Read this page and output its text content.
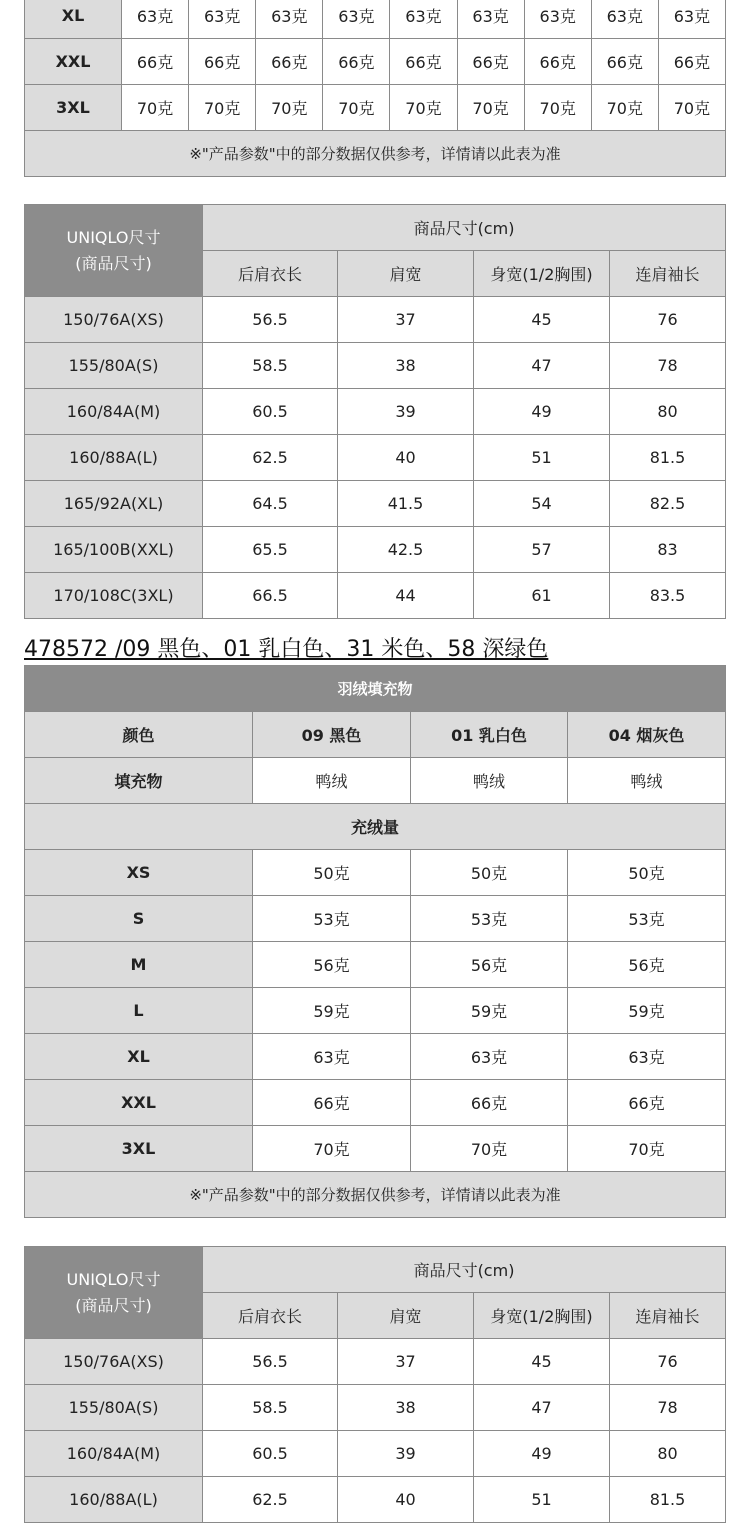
XL	63克	63克	63克	63克	63克	63克	63克	63克	63克
XXL	66克	66克	66克	66克	66克	66克	66克	66克	66克
3XL	70克	70克	70克	70克	70克	70克	70克	70克	70克
※"产品参数"中的部分数据仅供参考，详情请以此表为准									
UNIQLO尺寸
(商品尺寸)	商品尺寸(cm)			
	后肩衣长	肩宽	身宽(1/2胸围)	连肩袖长
150/76A(XS)	56.5	37	45	76
155/80A(S)	58.5	38	47	78
160/84A(M)	60.5	39	49	80
160/88A(L)	62.5	40	51	81.5
165/92A(XL)	64.5	41.5	54	82.5
165/100B(XXL)	65.5	42.5	57	83
170/108C(3XL)	66.5	44	61	83.5
478572 /09 黑色、01 乳白色、31 米色、58 深绿色
羽绒填充物			
颜色	09 黑色	01 乳白色	04 烟灰色
填充物	鸭绒	鸭绒	鸭绒
充绒量			
XS	50克	50克	50克
S	53克	53克	53克
M	56克	56克	56克
L	59克	59克	59克
XL	63克	63克	63克
XXL	66克	66克	66克
3XL	70克	70克	70克
※"产品参数"中的部分数据仅供参考，详情请以此表为准			
UNIQLO尺寸
(商品尺寸)	商品尺寸(cm)			
	后肩衣长	肩宽	身宽(1/2胸围)	连肩袖长
150/76A(XS)	56.5	37	45	76
155/80A(S)	58.5	38	47	78
160/84A(M)	60.5	39	49	80
160/88A(L)	62.5	40	51	81.5
